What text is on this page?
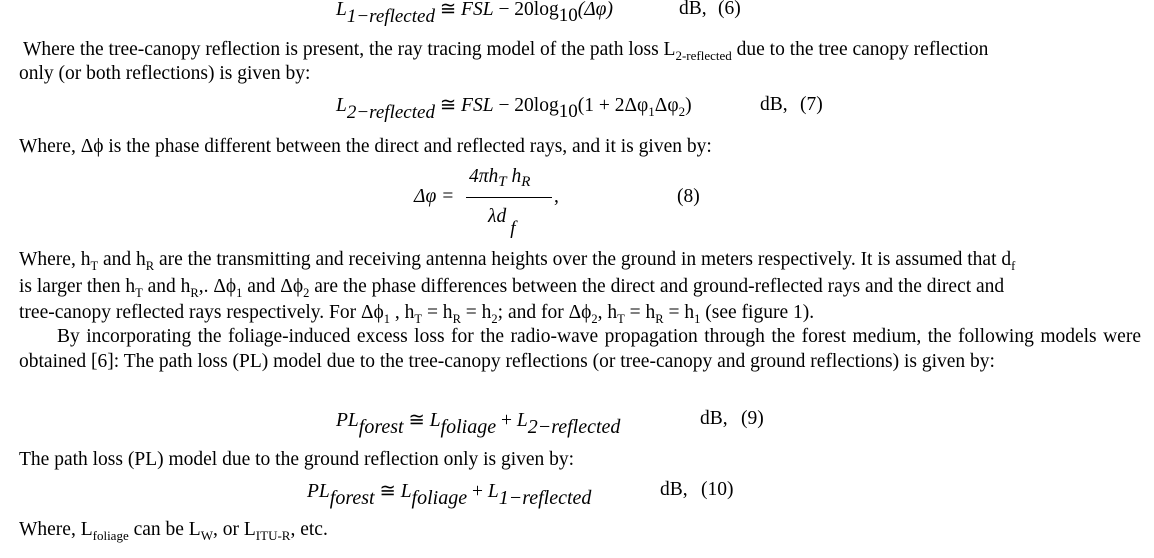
L1−reflected ≅ FSL − 20log10(Δφ)	dB, (6)
Where the tree-canopy reflection is present, the ray tracing model of the path loss $L_{2-reflected}$ due to the tree canopy reflection
only (or both reflections) is given by:
L2−reflected ≅ FSL − $20\log 10(1 + 2\Delta\varphi_1\Delta\varphi_2)$	dB, (7)
Where, Δϕ is the phase different between the direct and reflected rays, and it is given by:
Δφ =
$4\pi h_T$ $h_R$
λdf
,	(8)
Where, $h_T$ and $h_R$ are the transmitting and receiving antenna heights over the ground in meters respectively. It is assumed that $d_f$
is larger then $h_T$ and $h_R$,. $\Delta\phi_1$ and $\Delta\phi_2$ are the phase differences between the direct and ground-reflected rays and the direct and
tree-canopy reflected rays respectively. For $\Delta\phi_1$ , $h_T = h_R = h_2$; and for $\Delta\phi_2$, $h_T = h_R = h_1$ (see figure 1).
By incorporating the foliage-induced excess loss for the radio-wave propagation through the forest medium, the following models were obtained [6]: The path loss (PL) model due to the tree-canopy reflections (or tree-canopy and ground reflections) is given by:
PLforest ≅ Lfoliage + L2−reflected	dB, (9)
The path loss (PL) model due to the ground reflection only is given by:
PLforest ≅ Lfoliage + L1−reflected	dB, (10)
Where, $L_{foliage}$ can be $L_W$, or $L_{ITU-R}$, etc.
